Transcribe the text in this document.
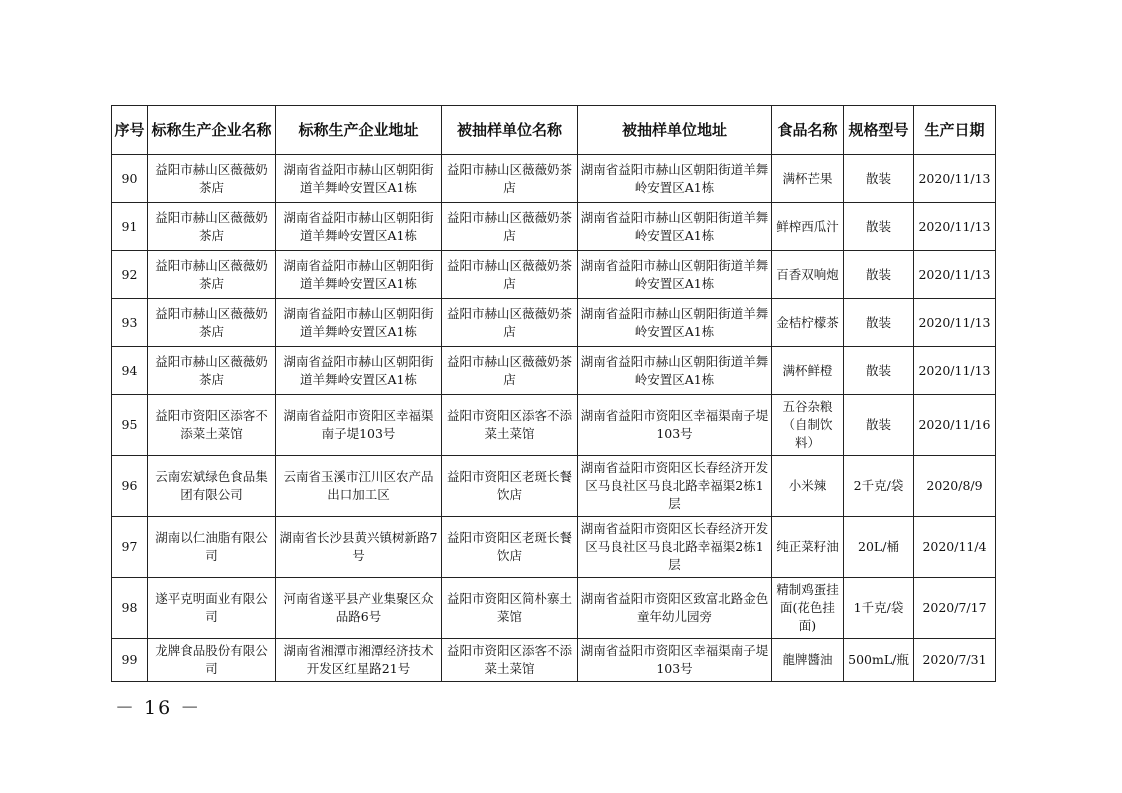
序号	标称生产企业名称	标称生产企业地址	被抽样单位名称	被抽样单位地址	食品名称	规格型号	生产日期
90	益阳市赫山区薇薇奶茶店	湖南省益阳市赫山区朝阳街道羊舞岭安置区A1栋	益阳市赫山区薇薇奶茶店	湖南省益阳市赫山区朝阳街道羊舞岭安置区A1栋	满杯芒果	散装	2020/11/13
91	益阳市赫山区薇薇奶茶店	湖南省益阳市赫山区朝阳街道羊舞岭安置区A1栋	益阳市赫山区薇薇奶茶店	湖南省益阳市赫山区朝阳街道羊舞岭安置区A1栋	鲜榨西瓜汁	散装	2020/11/13
92	益阳市赫山区薇薇奶茶店	湖南省益阳市赫山区朝阳街道羊舞岭安置区A1栋	益阳市赫山区薇薇奶茶店	湖南省益阳市赫山区朝阳街道羊舞岭安置区A1栋	百香双响炮	散装	2020/11/13
93	益阳市赫山区薇薇奶茶店	湖南省益阳市赫山区朝阳街道羊舞岭安置区A1栋	益阳市赫山区薇薇奶茶店	湖南省益阳市赫山区朝阳街道羊舞岭安置区A1栋	金桔柠檬茶	散装	2020/11/13
94	益阳市赫山区薇薇奶茶店	湖南省益阳市赫山区朝阳街道羊舞岭安置区A1栋	益阳市赫山区薇薇奶茶店	湖南省益阳市赫山区朝阳街道羊舞岭安置区A1栋	满杯鲜橙	散装	2020/11/13
95	益阳市资阳区添客不添菜土菜馆	湖南省益阳市资阳区幸福渠南子堤103号	益阳市资阳区添客不添菜土菜馆	湖南省益阳市资阳区幸福渠南子堤103号	五谷杂粮（自制饮料）	散装	2020/11/16
96	云南宏斌绿色食品集团有限公司	云南省玉溪市江川区农产品出口加工区	益阳市资阳区老斑长餐饮店	湖南省益阳市资阳区长春经济开发区马良社区马良北路幸福渠2栋1层	小米辣	2千克/袋	2020/8/9
97	湖南以仁油脂有限公司	湖南省长沙县黄兴镇树新路7号	益阳市资阳区老斑长餐饮店	湖南省益阳市资阳区长春经济开发区马良社区马良北路幸福渠2栋1层	纯正菜籽油	20L/桶	2020/11/4
98	遂平克明面业有限公司	河南省遂平县产业集聚区众品路6号	益阳市资阳区简朴寨土菜馆	湖南省益阳市资阳区致富北路金色童年幼儿园旁	精制鸡蛋挂面(花色挂面)	1千克/袋	2020/7/17
99	龙牌食品股份有限公司	湖南省湘潭市湘潭经济技术开发区红星路21号	益阳市资阳区添客不添菜土菜馆	湖南省益阳市资阳区幸福渠南子堤103号	龍牌醬油	500mL/瓶	2020/7/31
－ 16 －
